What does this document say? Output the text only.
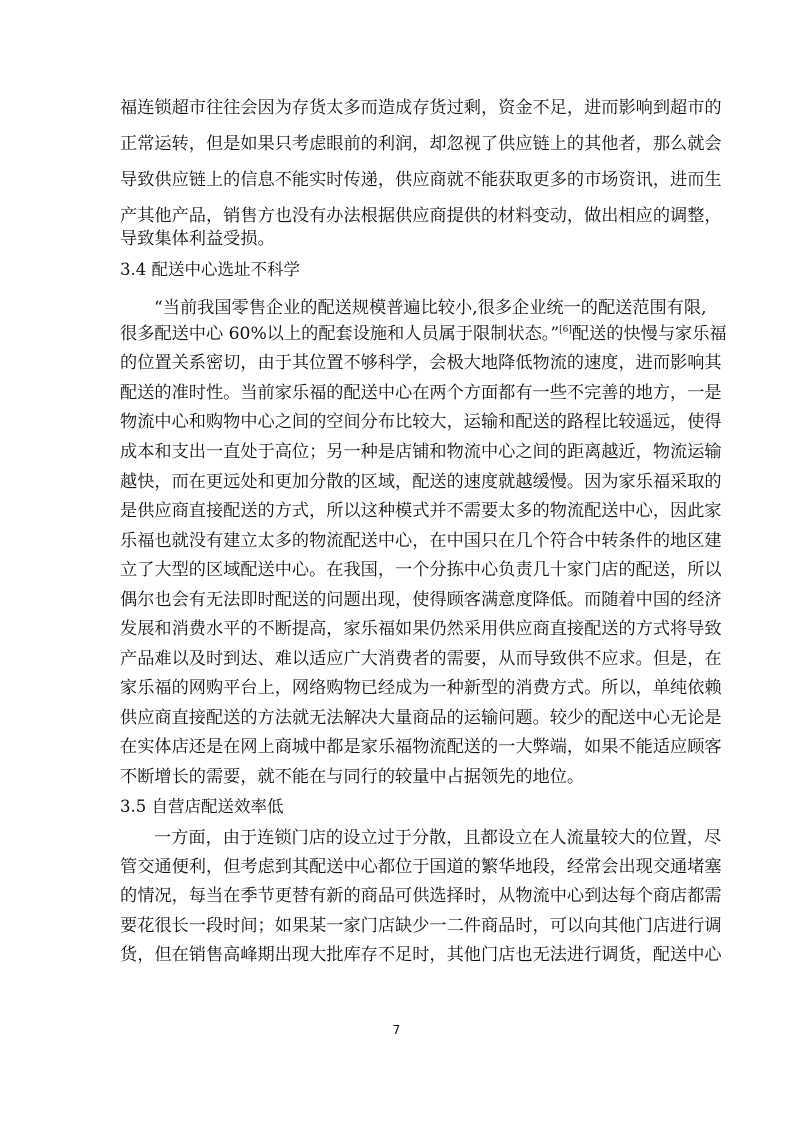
福连锁超市往往会因为存货太多而造成存货过剩，资金不足，进而影响到超市的
正常运转，但是如果只考虑眼前的利润，却忽视了供应链上的其他者，那么就会
导致供应链上的信息不能实时传递，供应商就不能获取更多的市场资讯，进而生
产其他产品，销售方也没有办法根据供应商提供的材料变动，做出相应的调整，
导致集体利益受损。
3.4 配送中心选址不科学
“当前我国零售企业的配送规模普遍比较小,很多企业统一的配送范围有限,
很多配送中心 60%以上的配套设施和人员属于限制状态。”[6]配送的快慢与家乐福
的位置关系密切，由于其位置不够科学，会极大地降低物流的速度，进而影响其
配送的准时性。当前家乐福的配送中心在两个方面都有一些不完善的地方，一是
物流中心和购物中心之间的空间分布比较大，运输和配送的路程比较遥远，使得
成本和支出一直处于高位；另一种是店铺和物流中心之间的距离越近，物流运输
越快，而在更远处和更加分散的区域，配送的速度就越缓慢。因为家乐福采取的
是供应商直接配送的方式，所以这种模式并不需要太多的物流配送中心，因此家
乐福也就没有建立太多的物流配送中心，在中国只在几个符合中转条件的地区建
立了大型的区域配送中心。在我国，一个分拣中心负责几十家门店的配送，所以
偶尔也会有无法即时配送的问题出现，使得顾客满意度降低。而随着中国的经济
发展和消费水平的不断提高，家乐福如果仍然采用供应商直接配送的方式将导致
产品难以及时到达、难以适应广大消费者的需要，从而导致供不应求。但是，在
家乐福的网购平台上，网络购物已经成为一种新型的消费方式。所以，单纯依赖
供应商直接配送的方法就无法解决大量商品的运输问题。较少的配送中心无论是
在实体店还是在网上商城中都是家乐福物流配送的一大弊端，如果不能适应顾客
不断增长的需要，就不能在与同行的较量中占据领先的地位。
3.5 自营店配送效率低
一方面，由于连锁门店的设立过于分散，且都设立在人流量较大的位置，尽
管交通便利，但考虑到其配送中心都位于国道的繁华地段，经常会出现交通堵塞
的情况，每当在季节更替有新的商品可供选择时，从物流中心到达每个商店都需
要花很长一段时间；如果某一家门店缺少一二件商品时，可以向其他门店进行调
货，但在销售高峰期出现大批库存不足时，其他门店也无法进行调货，配送中心
7
